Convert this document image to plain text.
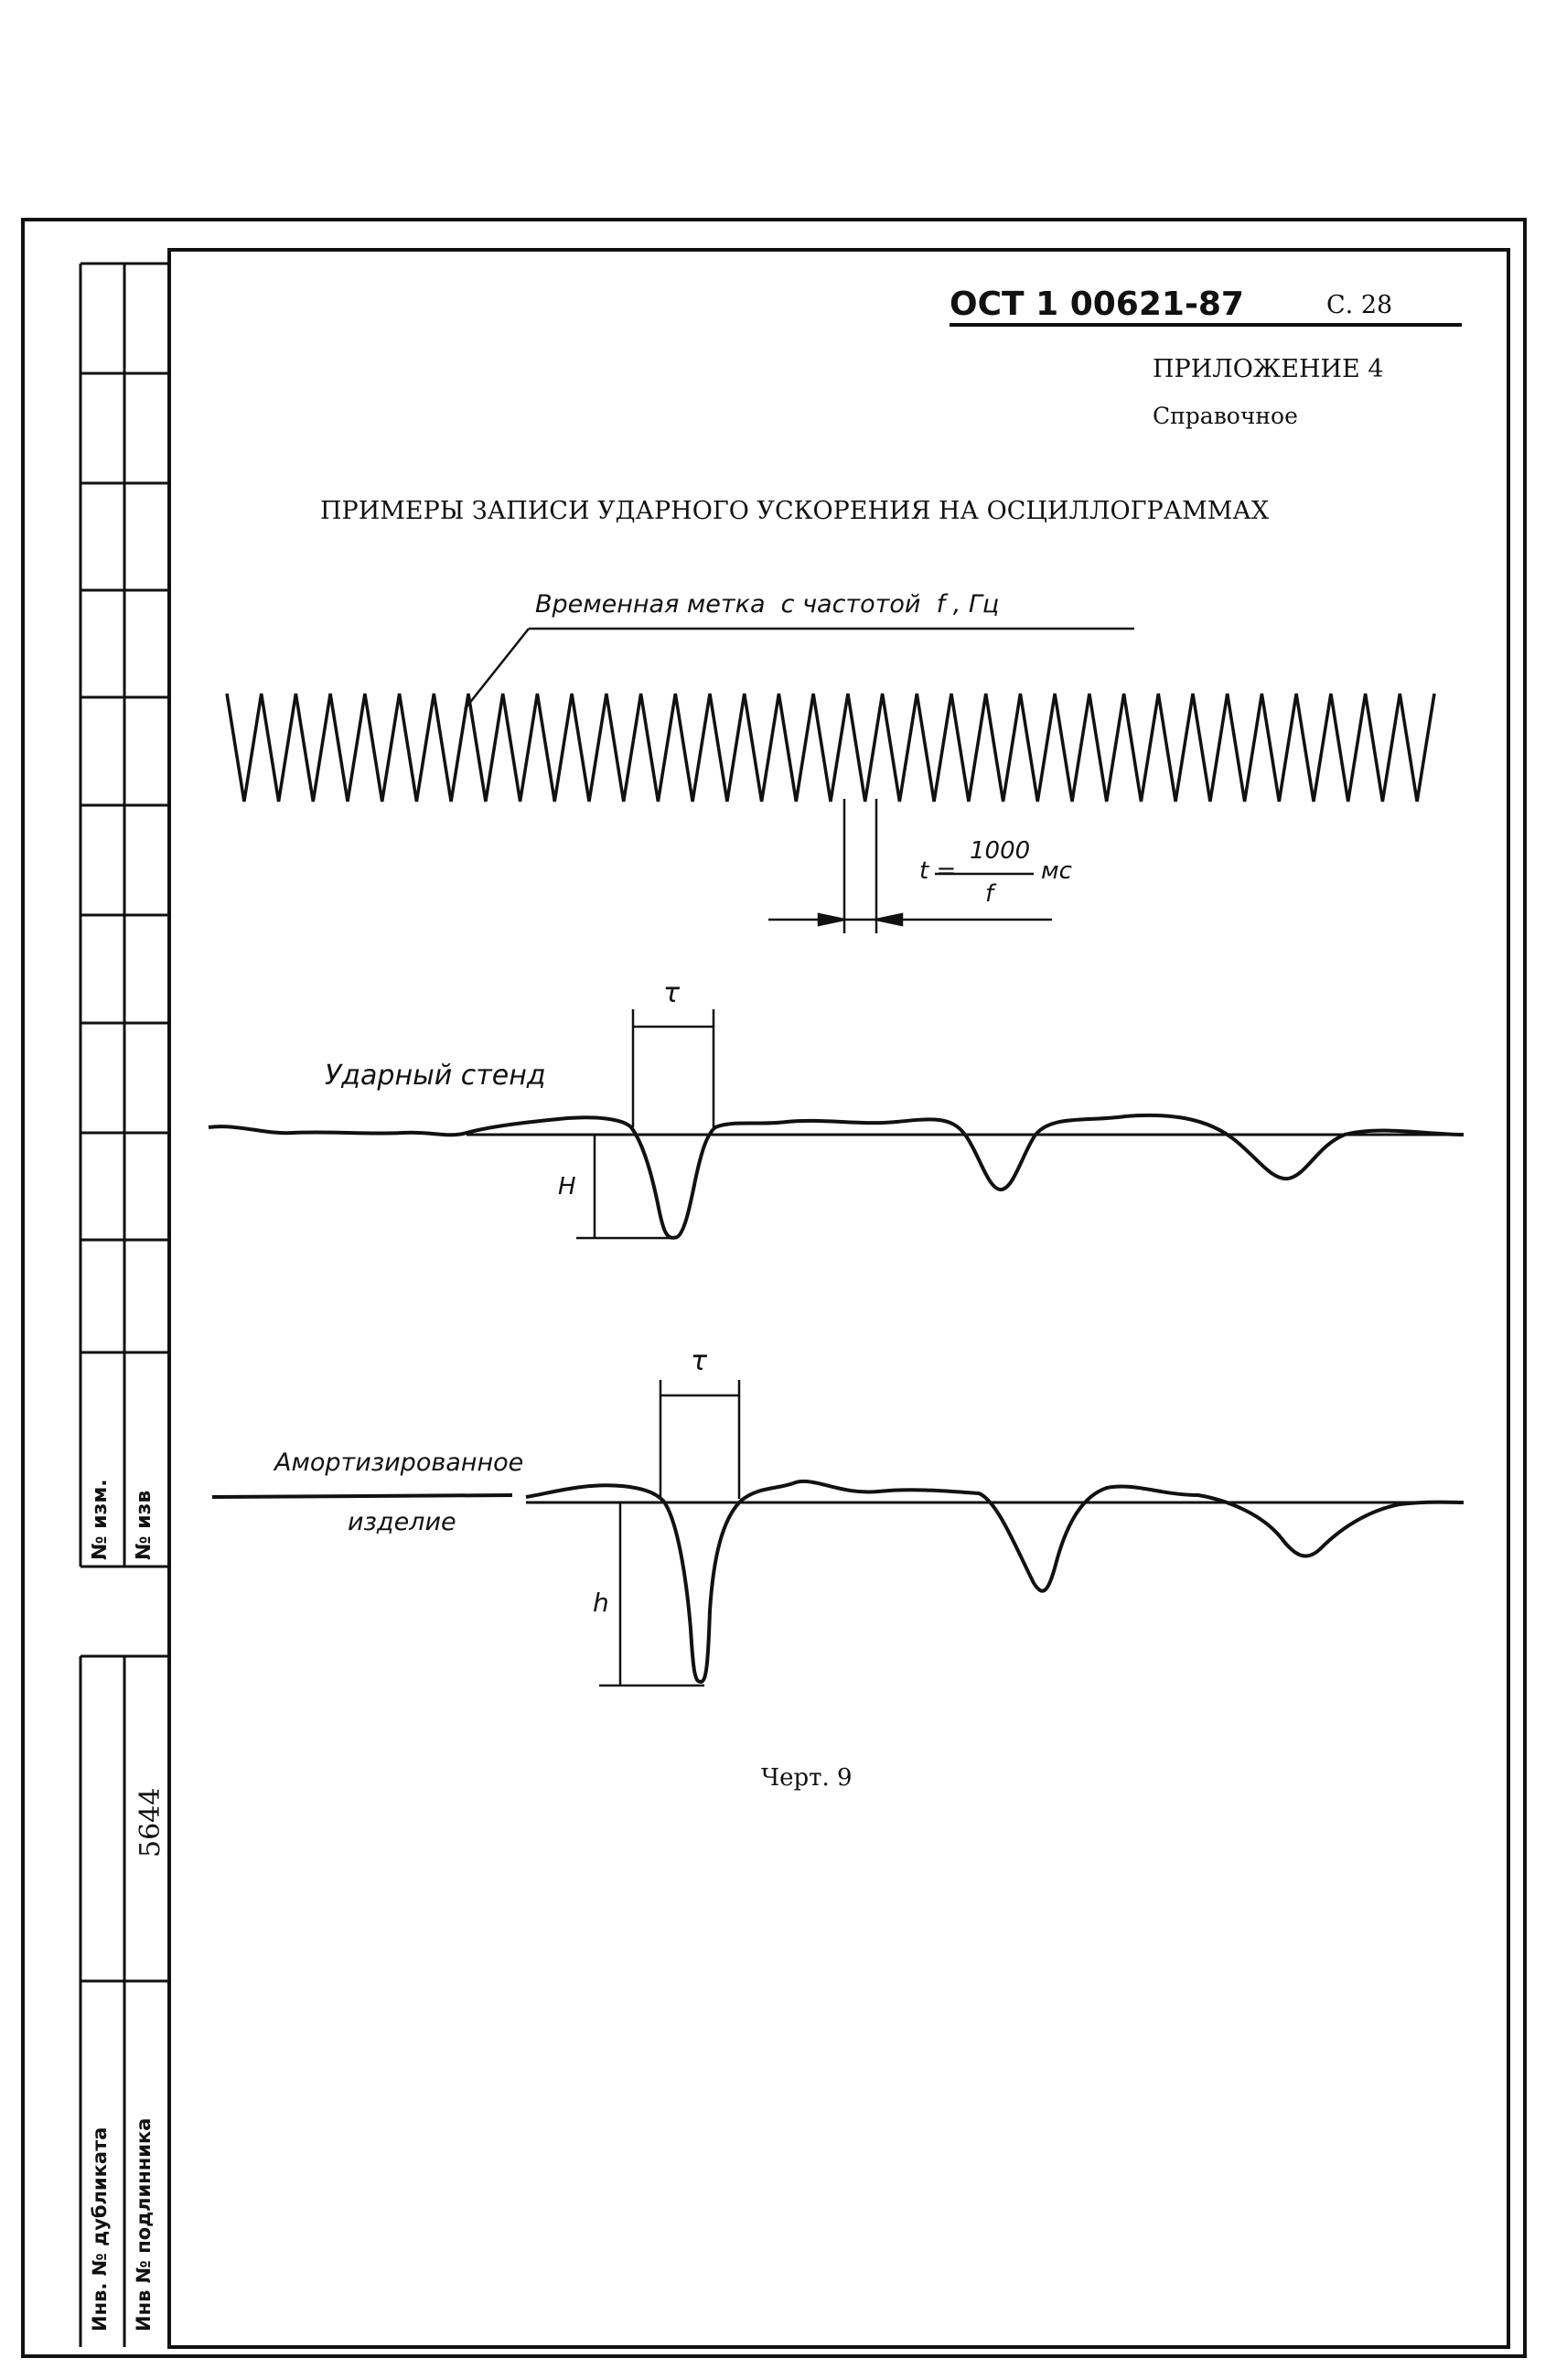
ОСТ 1 00621-87	С. 28
ПРИЛОЖЕНИЕ 4
Справочное
ПРИМЕРЫ ЗАПИСИ УДАРНОГО УСКОРЕНИЯ НА ОСЦИЛЛОГРАММАХ
Временная метка  с частотой  f , Гц
t =
1000
f
мс
Ударный стенд
τ
H
Амортизированное
изделие
τ
h
Черт. 9
№ изм. № изв
Инв. № дубликата Инв № подлинника
5644
